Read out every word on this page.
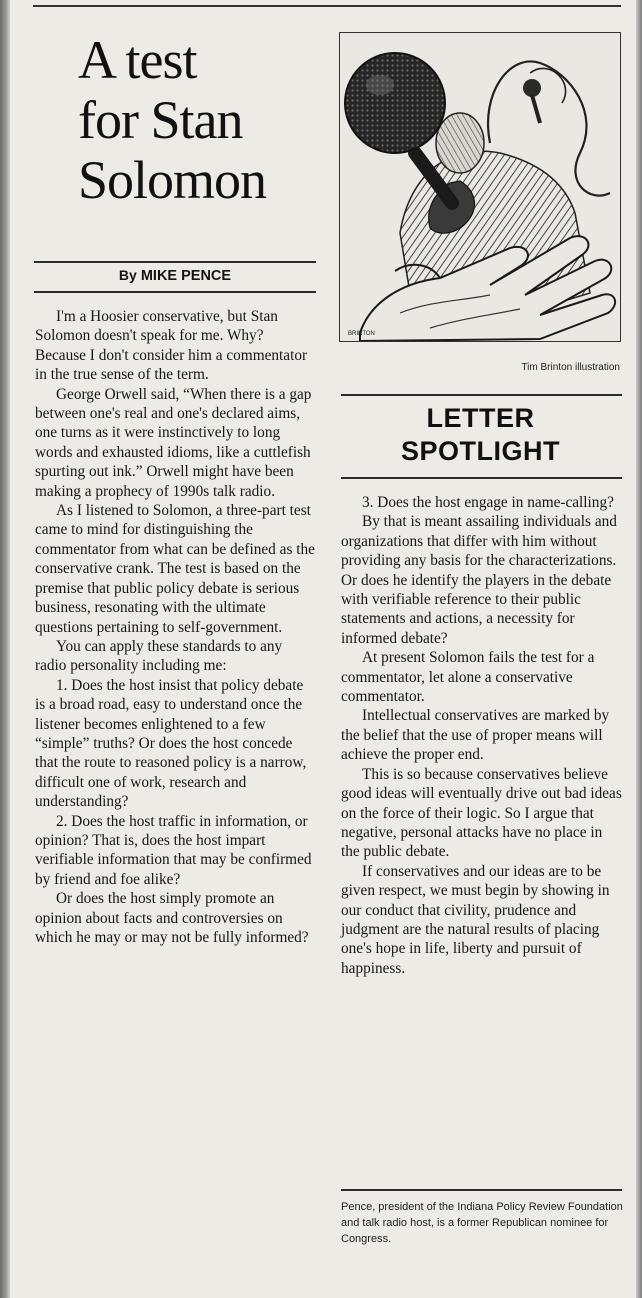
A test
for Stan
Solomon
By MIKE PENCE

I'm a Hoosier conservative, but Stan Solomon doesn't speak for me. Why? Because I don't consider him a commentator in the true sense of the term.

George Orwell said, “When there is a gap between one's real and one's declared aims, one turns as it were instinctively to long words and exhausted idioms, like a cuttlefish spurting out ink.” Orwell might have been making a prophecy of 1990s talk radio.

As I listened to Solomon, a three-part test came to mind for distinguishing the commentator from what can be defined as the conservative crank. The test is based on the premise that public policy debate is serious business, resonating with the ultimate questions pertaining to self-government.

You can apply these standards to any radio personality including me:

1. Does the host insist that policy debate is a broad road, easy to understand once the listener becomes enlightened to a few “simple” truths? Or does the host concede that the route to reasoned policy is a narrow, difficult one of work, research and understanding?

2. Does the host traffic in information, or opinion? That is, does the host impart verifiable information that may be confirmed by friend and foe alike?

Or does the host simply promote an opinion about facts and controversies on which he may or may not be fully informed?

BRINTON
Tim Brinton illustration
LETTER
SPOTLIGHT

3. Does the host engage in name-calling?

By that is meant assailing individuals and organizations that differ with him without providing any basis for the characterizations. Or does he identify the players in the debate with verifiable reference to their public statements and actions, a necessity for informed debate?

At present Solomon fails the test for a commentator, let alone a conservative commentator.

Intellectual conservatives are marked by the belief that the use of proper means will achieve the proper end.

This is so because conservatives believe good ideas will eventually drive out bad ideas on the force of their logic. So I argue that negative, personal attacks have no place in the public debate.

If conservatives and our ideas are to be given respect, we must begin by showing in our conduct that civility, prudence and judgment are the natural results of placing one's hope in life, liberty and pursuit of happiness.

Pence, president of the Indiana Policy Review Foundation and talk radio host, is a former Republican nominee for Congress.
